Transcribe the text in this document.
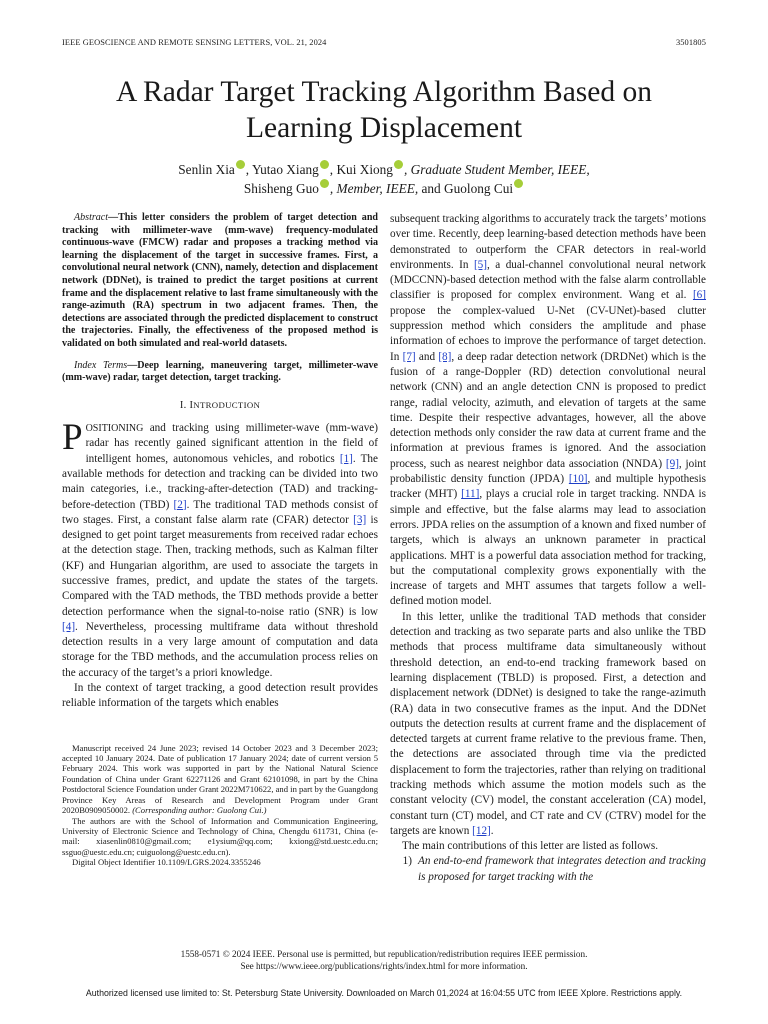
IEEE GEOSCIENCE AND REMOTE SENSING LETTERS, VOL. 21, 2024	3501805
A Radar Target Tracking Algorithm Based on
Learning Displacement
Senlin Xia , Yutao Xiang , Kui Xiong , Graduate Student Member, IEEE,
Shisheng Guo , Member, IEEE, and Guolong Cui

Abstract—This letter considers the problem of target detection and tracking with millimeter-wave (mm-wave) frequency-modulated continuous-wave (FMCW) radar and proposes a tracking method via learning the displacement of the target in successive frames. First, a convolutional neural network (CNN), namely, detection and displacement network (DDNet), is trained to predict the target positions at current frame and the displacement relative to last frame simultaneously with the range-azimuth (RA) spectrum in two adjacent frames. Then, the detections are associated through the predicted displacement to construct the trajectories. Finally, the effectiveness of the proposed method is validated on both simulated and real-world datasets.

Index Terms—Deep learning, maneuvering target, millimeter-wave (mm-wave) radar, target detection, target tracking.

I. INTRODUCTION

POSITIONING and tracking using millimeter-wave (mm-wave) radar has recently gained significant attention in the field of intelligent homes, autonomous vehicles, and robotics [1]. The available methods for detection and tracking can be divided into two main categories, i.e., tracking-after-detection (TAD) and tracking-before-detection (TBD) [2]. The traditional TAD methods consist of two stages. First, a constant false alarm rate (CFAR) detector [3] is designed to get point target measurements from received radar echoes at the detection stage. Then, tracking methods, such as Kalman filter (KF) and Hungarian algorithm, are used to associate the targets in successive frames, predict, and update the states of the targets. Compared with the TAD methods, the TBD methods provide a better detection performance when the signal-to-noise ratio (SNR) is low [4]. Nevertheless, processing multiframe data without threshold detection results in a very large amount of computation and data storage for the TBD methods, and the accumulation process relies on the accuracy of the target’s a priori knowledge.

In the context of target tracking, a good detection result provides reliable information of the targets which enables

Manuscript received 24 June 2023; revised 14 October 2023 and 3 December 2023; accepted 10 January 2024. Date of publication 17 January 2024; date of current version 5 February 2024. This work was supported in part by the National Natural Science Foundation of China under Grant 62271126 and Grant 62101098, in part by the China Postdoctoral Science Foundation under Grant 2022M710622, and in part by the Guangdong Province Key Areas of Research and Development Program under Grant 2020B0909050002. (Corresponding author: Guolong Cui.)

The authors are with the School of Information and Communication Engineering, University of Electronic Science and Technology of China, Chengdu 611731, China (e-mail: xiasenlin0810@gmail.com; e1ysium@qq.com; kxiong@std.uestc.edu.cn; ssguo@uestc.edu.cn; cuiguolong@uestc.edu.cn).

Digital Object Identifier 10.1109/LGRS.2024.3355246

subsequent tracking algorithms to accurately track the targets’ motions over time. Recently, deep learning-based detection methods have been demonstrated to outperform the CFAR detectors in real-world environments. In [5], a dual-channel convolutional neural network (MDCCNN)-based detection method with the false alarm controllable classifier is proposed for complex environment. Wang et al. [6] propose the complex-valued U-Net (CV-UNet)-based clutter suppression method which considers the amplitude and phase information of echoes to improve the performance of target detection. In [7] and [8], a deep radar detection network (DRDNet) which is the fusion of a range-Doppler (RD) detection convolutional neural network (CNN) and an angle detection CNN is proposed to predict range, radial velocity, azimuth, and elevation of targets at the same time. Despite their respective advantages, however, all the above detection methods only consider the raw data at current frame and the information at previous frames is ignored. And the association process, such as nearest neighbor data association (NNDA) [9], joint probabilistic density function (JPDA) [10], and multiple hypothesis tracker (MHT) [11], plays a crucial role in target tracking. NNDA is simple and effective, but the false alarms may lead to association errors. JPDA relies on the assumption of a known and fixed number of targets, which is always an unknown parameter in practical applications. MHT is a powerful data association method for tracking, but the computational complexity grows exponentially with the increase of targets and MHT assumes that targets follow a well-defined motion model.

In this letter, unlike the traditional TAD methods that consider detection and tracking as two separate parts and also unlike the TBD methods that process multiframe data simultaneously without threshold detection, an end-to-end tracking framework based on learning displacement (TBLD) is proposed. First, a detection and displacement network (DDNet) is designed to take the range-azimuth (RA) data in two consecutive frames as the input. And the DDNet outputs the detection results at current frame and the displacement of detected targets at current frame relative to the previous frame. Then, the detections are associated through time via the predicted displacement to form the trajectories, rather than relying on traditional tracking methods which assume the motion models such as the constant velocity (CV) model, the constant acceleration (CA) model, constant turn (CT) model, and CT rate and CV (CTRV) model for the targets are known [12].

The main contributions of this letter are listed as follows.

1) An end-to-end framework that integrates detection and tracking is proposed for target tracking with the
1558-0571 © 2024 IEEE. Personal use is permitted, but republication/redistribution requires IEEE permission.
See https://www.ieee.org/publications/rights/index.html for more information.
Authorized licensed use limited to: St. Petersburg State University. Downloaded on March 01,2024 at 16:04:55 UTC from IEEE Xplore. Restrictions apply.
